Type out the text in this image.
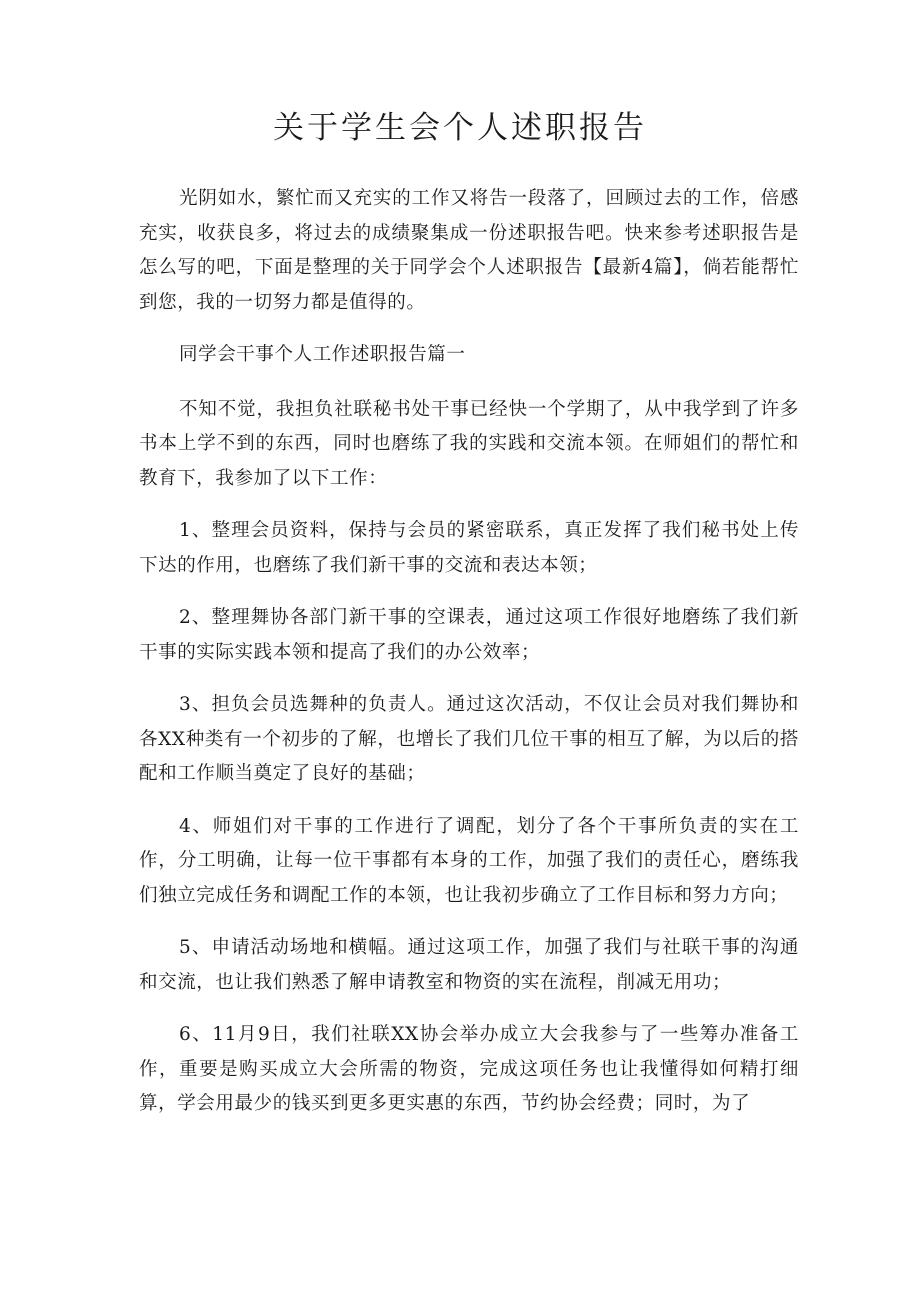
关于学生会个人述职报告

光阴如水，繁忙而又充实的工作又将告一段落了，回顾过去的工作，倍感充实，收获良多，将过去的成绩聚集成一份述职报告吧。快来参考述职报告是怎么写的吧，下面是整理的关于同学会个人述职报告【最新4篇】，倘若能帮忙到您，我的一切努力都是值得的。

同学会干事个人工作述职报告篇一

不知不觉，我担负社联秘书处干事已经快一个学期了，从中我学到了许多书本上学不到的东西，同时也磨练了我的实践和交流本领。在师姐们的帮忙和教育下，我参加了以下工作：

1、整理会员资料，保持与会员的紧密联系，真正发挥了我们秘书处上传下达的作用，也磨练了我们新干事的交流和表达本领；

2、整理舞协各部门新干事的空课表，通过这项工作很好地磨练了我们新干事的实际实践本领和提高了我们的办公效率；

3、担负会员选舞种的负责人。通过这次活动，不仅让会员对我们舞协和各XX种类有一个初步的了解，也增长了我们几位干事的相互了解，为以后的搭配和工作顺当奠定了良好的基础；

4、师姐们对干事的工作进行了调配，划分了各个干事所负责的实在工作，分工明确，让每一位干事都有本身的工作，加强了我们的责任心，磨练我们独立完成任务和调配工作的本领，也让我初步确立了工作目标和努力方向；

5、申请活动场地和横幅。通过这项工作，加强了我们与社联干事的沟通和交流，也让我们熟悉了解申请教室和物资的实在流程，削减无用功；

6、11月9日，我们社联XX协会举办成立大会我参与了一些筹办准备工作，重要是购买成立大会所需的物资，完成这项任务也让我懂得如何精打细算，学会用最少的钱买到更多更实惠的东西，节约协会经费；同时，为了
